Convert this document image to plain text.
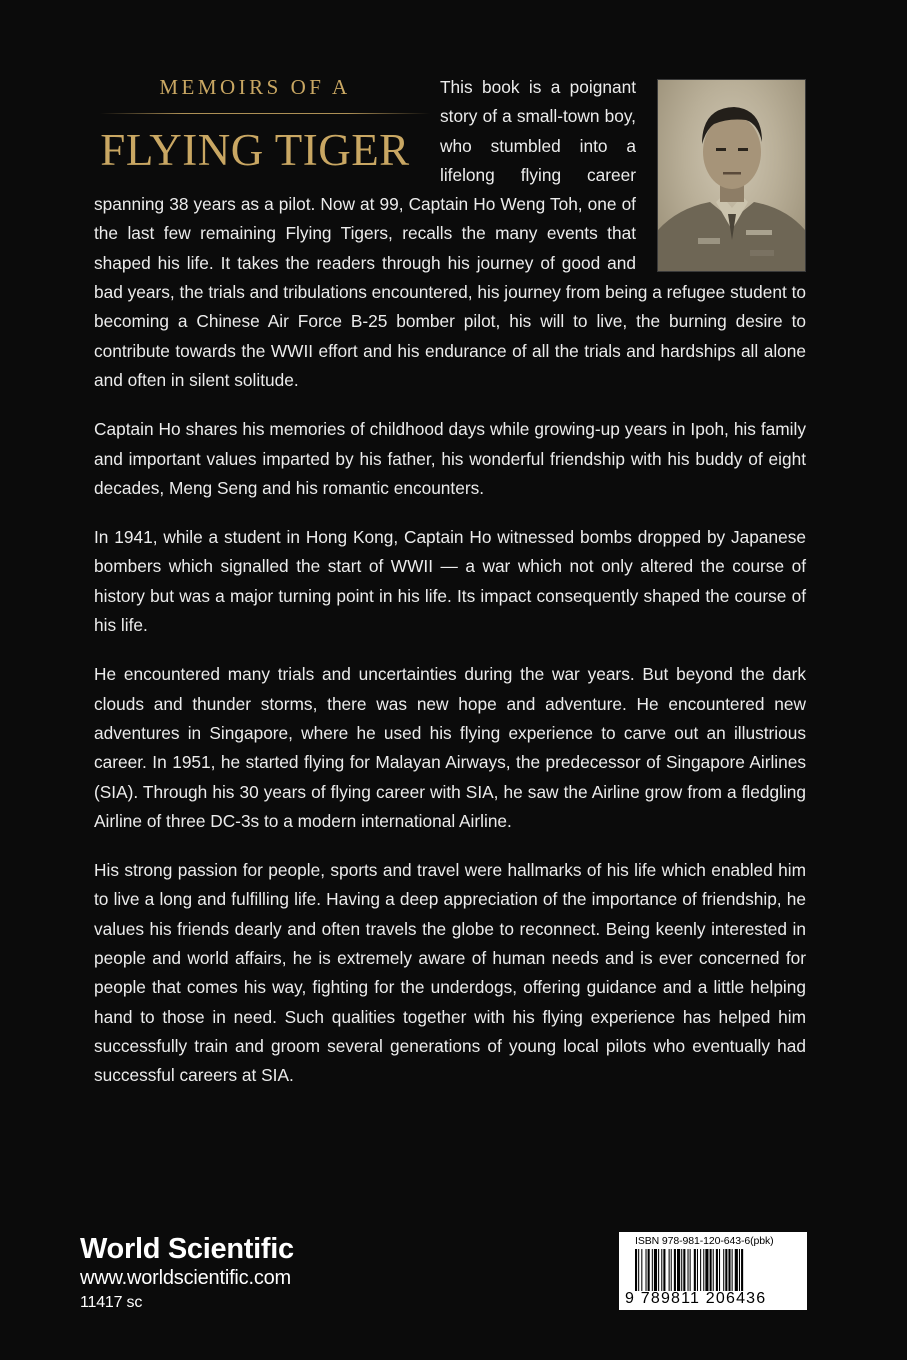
MEMOIRS OF A
FLYING TIGER

This book is a poignant story of a small-town boy, who stumbled into a lifelong flying career spanning 38 years as a pilot. Now at 99, Captain Ho Weng Toh, one of the last few remaining Flying Tigers, recalls the many events that shaped his life. It takes the readers through his journey of good and bad years, the trials and tribulations encountered, his journey from being a refugee student to becoming a Chinese Air Force B-25 bomber pilot, his will to live, the burning desire to contribute towards the WWII effort and his endurance of all the trials and hardships all alone and often in silent solitude.

Captain Ho shares his memories of childhood days while growing-up years in Ipoh, his family and important values imparted by his father, his wonderful friendship with his buddy of eight decades, Meng Seng and his romantic encounters.

In 1941, while a student in Hong Kong, Captain Ho witnessed bombs dropped by Japanese bombers which signalled the start of WWII — a war which not only altered the course of history but was a major turning point in his life. Its impact consequently shaped the course of his life.

He encountered many trials and uncertainties during the war years. But beyond the dark clouds and thunder storms, there was new hope and adventure. He encountered new adventures in Singapore, where he used his flying experience to carve out an illustrious career. In 1951, he started flying for Malayan Airways, the predecessor of Singapore Airlines (SIA). Through his 30 years of flying career with SIA, he saw the Airline grow from a fledgling Airline of three DC-3s to a modern international Airline.

His strong passion for people, sports and travel were hallmarks of his life which enabled him to live a long and fulfilling life. Having a deep appreciation of the importance of friendship, he values his friends dearly and often travels the globe to reconnect. Being keenly interested in people and world affairs, he is extremely aware of human needs and is ever concerned for people that comes his way, fighting for the underdogs, offering guidance and a little helping hand to those in need. Such qualities together with his flying experience has helped him successfully train and groom several generations of young local pilots who eventually had successful careers at SIA.

World Scientific
www.worldscientific.com
11417 sc
ISBN 978-981-120-643-6(pbk)
9 789811 206436
